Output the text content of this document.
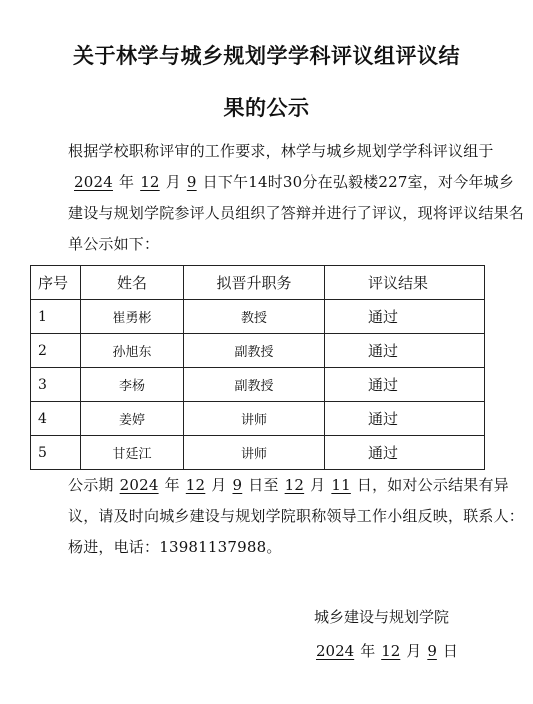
关于林学与城乡规划学学科评议组评议结
果的公示
根据学校职称评审的工作要求，林学与城乡规划学学科评议组于2024 年 12 月 9 日下午14时30分在弘毅楼227室，对今年城乡建设与规划学院参评人员组织了答辩并进行了评议，现将评议结果名单公示如下：
序号	姓名	拟晋升职务	评议结果
1	崔勇彬	教授	通过
2	孙旭东	副教授	通过
3	李杨	副教授	通过
4	姜婷	讲师	通过
5	甘廷江	讲师	通过
公示期 2024 年 12 月 9 日至 12 月 11 日，如对公示结果有异议，请及时向城乡建设与规划学院职称领导工作小组反映，联系人：杨进，电话：13981137988。
城乡建设与规划学院
2024 年 12 月 9 日
